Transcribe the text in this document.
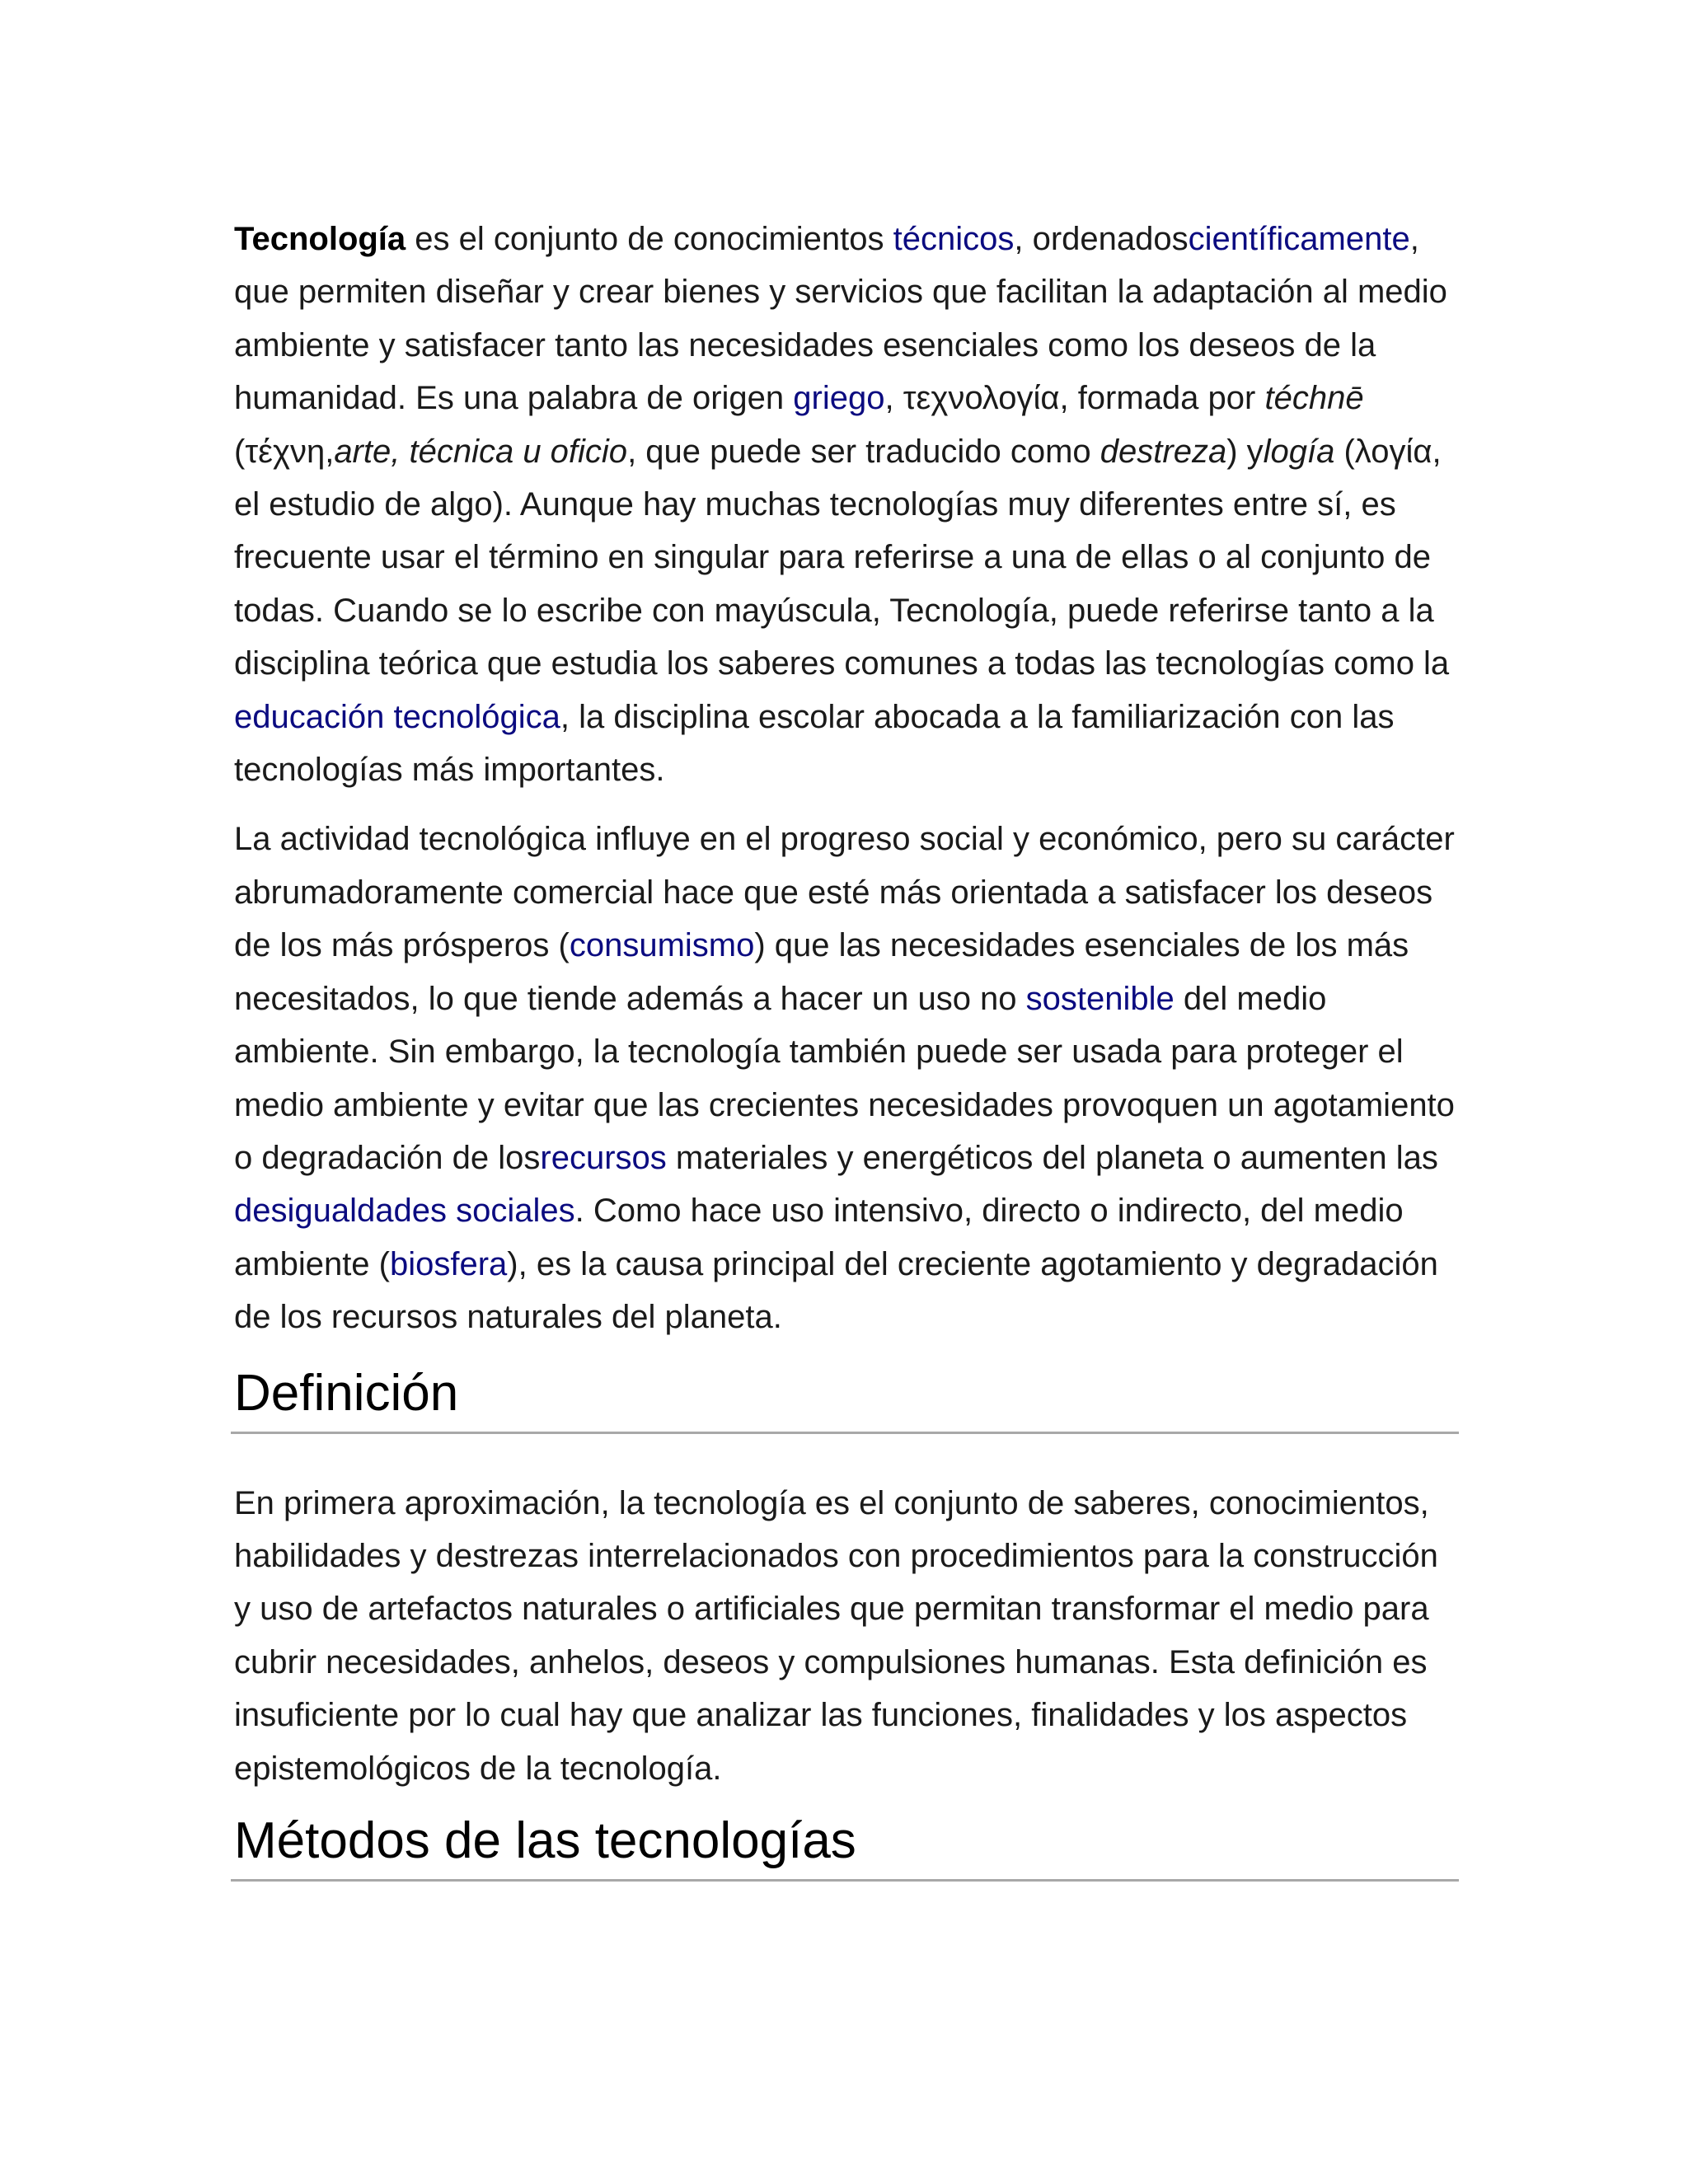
Tecnología es el conjunto de conocimientos técnicos, ordenadoscientíficamente, que permiten diseñar y crear bienes y servicios que facilitan la adaptación al medio ambiente y satisfacer tanto las necesidades esenciales como los deseos de la humanidad. Es una palabra de origen griego, τεχνολογία, formada por téchnē (τέχνη,arte, técnica u oficio, que puede ser traducido como destreza) ylogía (λογία, el estudio de algo). Aunque hay muchas tecnologías muy diferentes entre sí, es frecuente usar el término en singular para referirse a una de ellas o al conjunto de todas. Cuando se lo escribe con mayúscula, Tecnología, puede referirse tanto a la disciplina teórica que estudia los saberes comunes a todas las tecnologías como la educación tecnológica, la disciplina escolar abocada a la familiarización con las tecnologías más importantes.

La actividad tecnológica influye en el progreso social y económico, pero su carácter abrumadoramente comercial hace que esté más orientada a satisfacer los deseos de los más prósperos (consumismo) que las necesidades esenciales de los más necesitados, lo que tiende además a hacer un uso no sostenible del medio ambiente. Sin embargo, la tecnología también puede ser usada para proteger el medio ambiente y evitar que las crecientes necesidades provoquen un agotamiento o degradación de losrecursos materiales y energéticos del planeta o aumenten las desigualdades sociales. Como hace uso intensivo, directo o indirecto, del medio ambiente (biosfera), es la causa principal del creciente agotamiento y degradación de los recursos naturales del planeta.

Definición

En primera aproximación, la tecnología es el conjunto de saberes, conocimientos, habilidades y destrezas interrelacionados con procedimientos para la construcción y uso de artefactos naturales o artificiales que permitan transformar el medio para cubrir necesidades, anhelos, deseos y compulsiones humanas. Esta definición es insuficiente por lo cual hay que analizar las funciones, finalidades y los aspectos epistemológicos de la tecnología.

Métodos de las tecnologías
